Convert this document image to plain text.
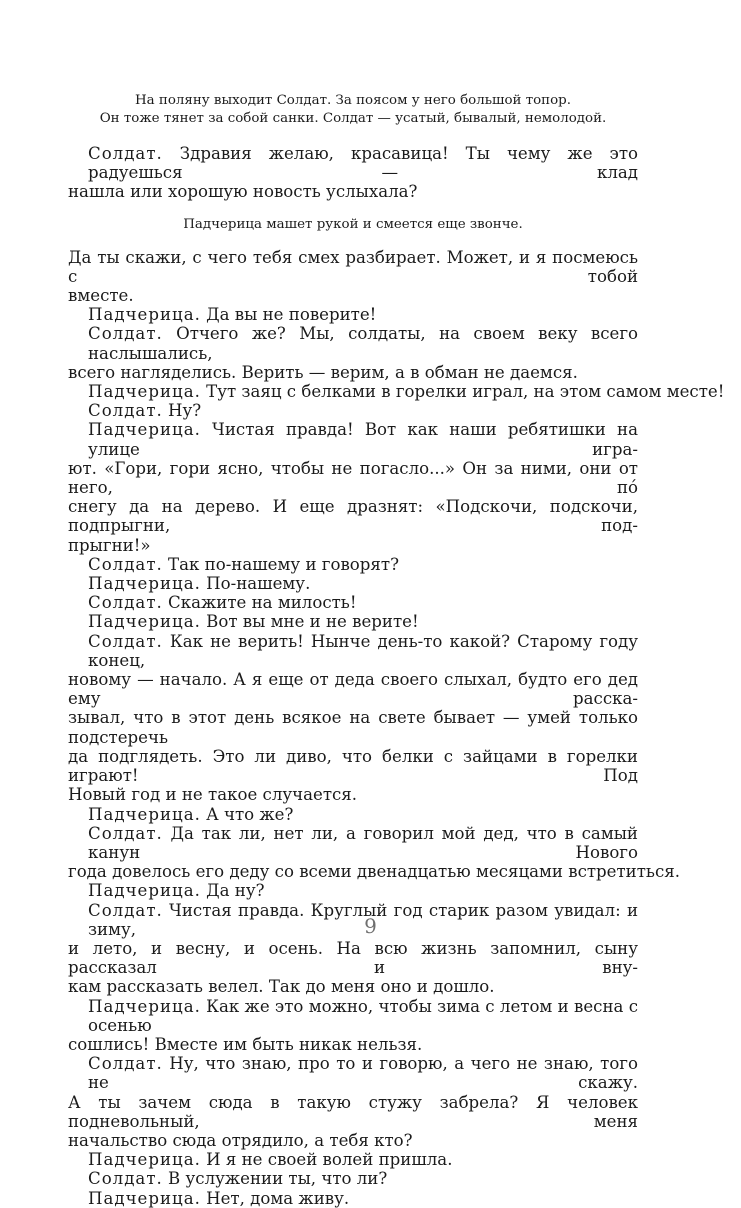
На поляну выходит Солдат. За поясом у него большой топор.
Он тоже тянет за собой санки. Солдат — усатый, бывалый, немолодой.

Солдат. Здравия желаю, красавица! Ты чему же это радуешься — клад

нашла или хорошую новость услыхала?

Падчерица машет рукой и смеется еще звонче.

Да ты скажи, с чего тебя смех разбирает. Может, и я посмеюсь с тобой

вместе.

Падчерица. Да вы не поверите!

Солдат. Отчего же? Мы, солдаты, на своем веку всего наслышались,

всего нагляделись. Верить — верим, а в обман не даемся.

Падчерица. Тут заяц с белками в горелки играл, на этом самом месте!

Солдат. Ну?

Падчерица. Чистая правда! Вот как наши ребятишки на улице игра-

ют. «Гори, гори ясно, чтобы не погасло...» Он за ними, они от него, пó

снегу да на дерево. И еще дразнят: «Подскочи, подскочи, подпрыгни, под-

прыгни!»

Солдат. Так по-нашему и говорят?

Падчерица. По-нашему.

Солдат. Скажите на милость!

Падчерица. Вот вы мне и не верите!

Солдат. Как не верить! Нынче день-то какой? Старому году конец,

новому — начало. А я еще от деда своего слыхал, будто его дед ему расска-

зывал, что в этот день всякое на свете бывает — умей только подстеречь

да подглядеть. Это ли диво, что белки с зайцами в горелки играют! Под

Новый год и не такое случается.

Падчерица. А что же?

Солдат. Да так ли, нет ли, а говорил мой дед, что в самый канун Нового

года довелось его деду со всеми двенадцатью месяцами встретиться.

Падчерица. Да ну?

Солдат. Чистая правда. Круглый год старик разом увидал: и зиму,

и лето, и весну, и осень. На всю жизнь запомнил, сыну рассказал и вну-

кам рассказать велел. Так до меня оно и дошло.

Падчерица. Как же это можно, чтобы зима с летом и весна с осенью

сошлись! Вместе им быть никак нельзя.

Солдат. Ну, что знаю, про то и говорю, а чего не знаю, того не скажу.

А ты зачем сюда в такую стужу забрела? Я человек подневольный, меня

начальство сюда отрядило, а тебя кто?

Падчерица. И я не своей волей пришла.

Солдат. В услужении ты, что ли?

Падчерица. Нет, дома живу.

9
